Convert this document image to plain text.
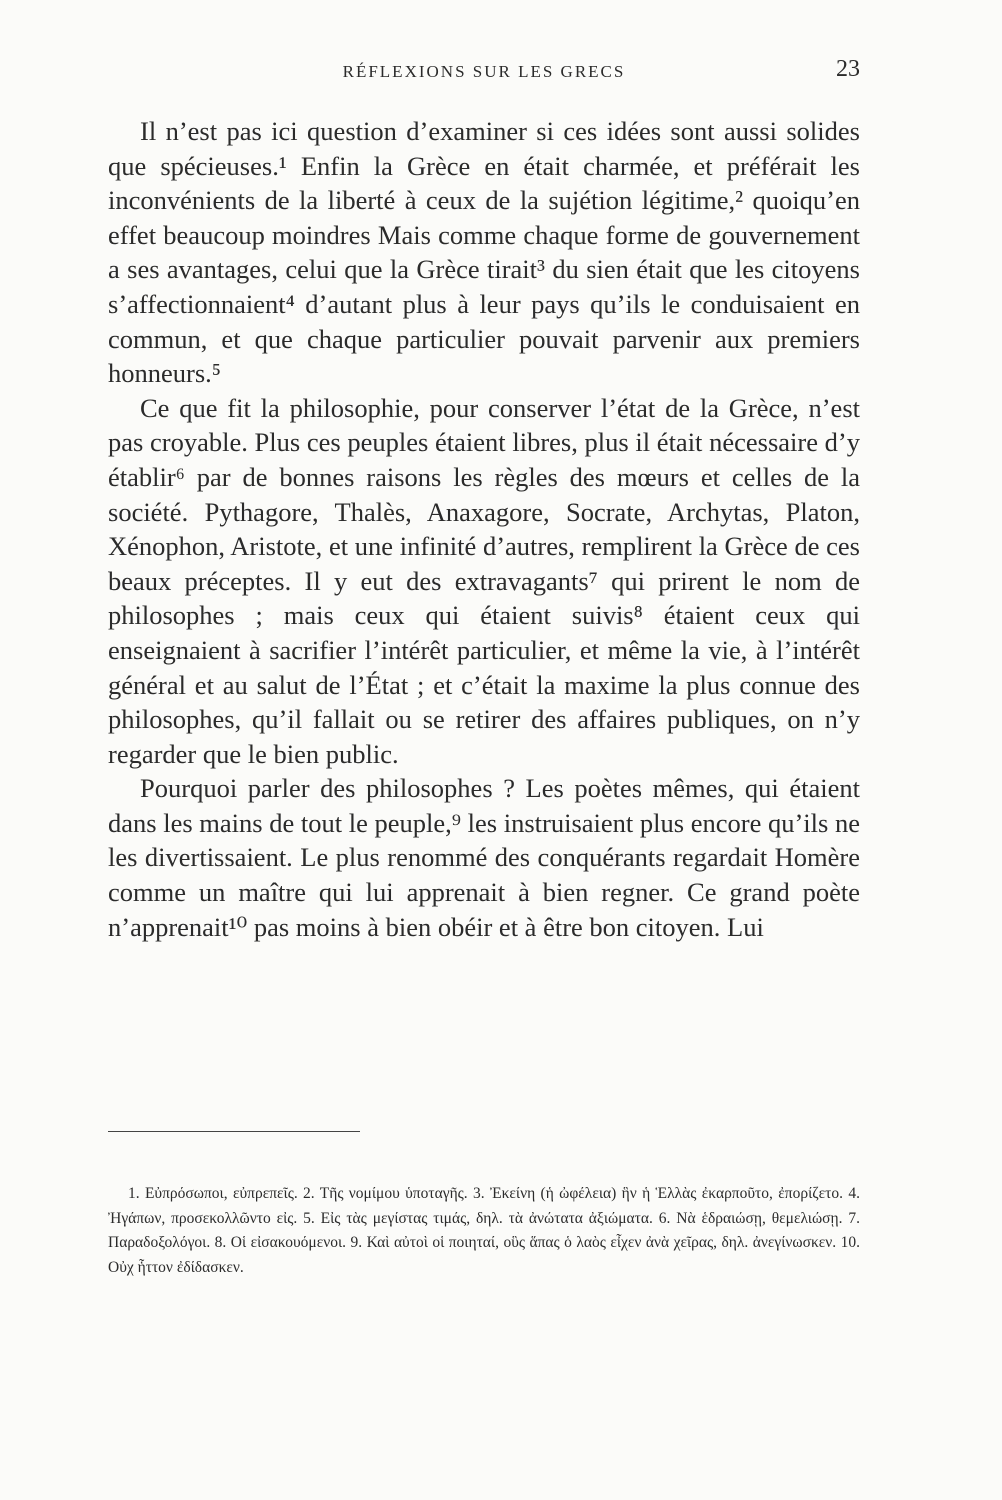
RÉFLEXIONS SUR LES GRECS	23

Il n’est pas ici question d’examiner si ces idées sont aussi solides que spécieuses.¹ Enfin la Grèce en était charmée, et préférait les inconvénients de la liberté à ceux de la sujétion légitime,² quoiqu’en effet beaucoup moindres Mais comme chaque forme de gouvernement a ses avantages, celui que la Grèce tirait³ du sien était que les citoyens s’affectionnaient⁴ d’autant plus à leur pays qu’ils le conduisaient en commun, et que chaque particulier pouvait parvenir aux premiers honneurs.⁵

Ce que fit la philosophie, pour conserver l’état de la Grèce, n’est pas croyable. Plus ces peuples étaient libres, plus il était nécessaire d’y établir⁶ par de bonnes raisons les règles des mœurs et celles de la société. Pythagore, Thalès, Anaxagore, Socrate, Archytas, Platon, Xénophon, Aristote, et une infinité d’autres, remplirent la Grèce de ces beaux préceptes. Il y eut des extravagants⁷ qui prirent le nom de philosophes ; mais ceux qui étaient suivis⁸ étaient ceux qui enseignaient à sacrifier l’intérêt particulier, et même la vie, à l’intérêt général et au salut de l’État ; et c’était la maxime la plus connue des philosophes, qu’il fallait ou se retirer des affaires publiques, on n’y regarder que le bien public.

Pourquoi parler des philosophes ? Les poètes mêmes, qui étaient dans les mains de tout le peuple,⁹ les instruisaient plus encore qu’ils ne les divertissaient. Le plus renommé des conquérants regardait Homère comme un maître qui lui apprenait à bien regner. Ce grand poète n’apprenait¹⁰ pas moins à bien obéir et à être bon citoyen. Lui

1. Εὐπρόσωποι, εὐπρεπεῖς. 2. Τῆς νομίμου ὑποταγῆς. 3. Ἐκείνη (ἡ ὠφέλεια) ἣν ἡ Ἑλλὰς ἐκαρποῦτο, ἐπορίζετο. 4. Ἠγάπων, προσεκολλῶντο εἰς. 5. Εἰς τὰς μεγίστας τιμάς, δηλ. τὰ ἀνώτατα ἀξιώματα. 6. Νὰ ἑδραιώσῃ, θεμελιώσῃ. 7. Παραδοξολόγοι. 8. Οἱ εἰσακουόμενοι. 9. Καὶ αὐτοὶ οἱ ποιηταί, οὓς ἅπας ὁ λαὸς εἶχεν ἀνὰ χεῖρας, δηλ. ἀνεγίνωσκεν. 10. Οὐχ ἧττον ἐδίδασκεν.
